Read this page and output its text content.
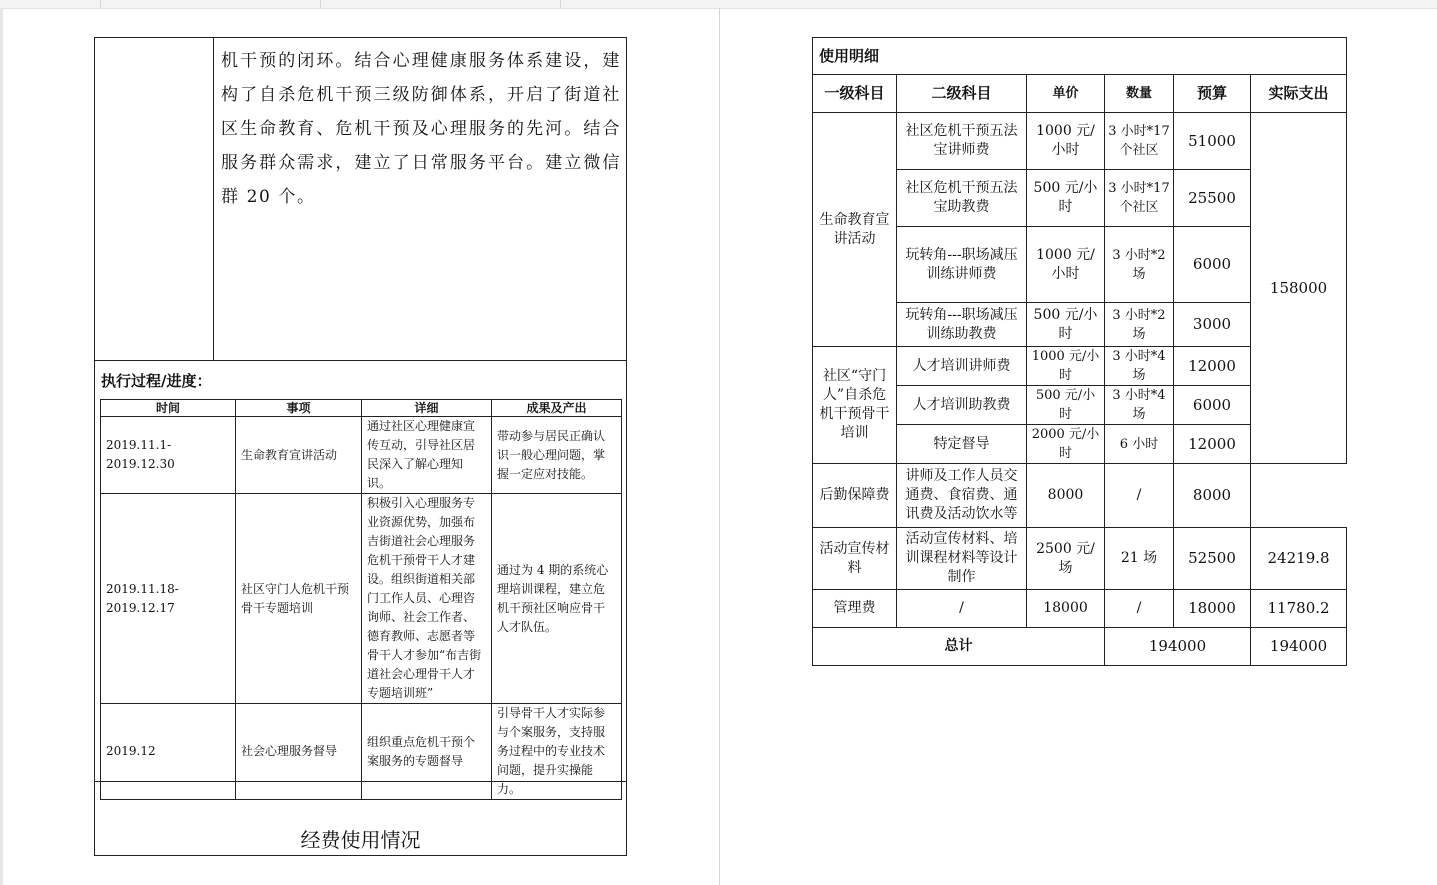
机干预的闭环。结合心理健康服务体系建设，建构了自杀危机干预三级防御体系，开启了街道社区生命教育、危机干预及心理服务的先河。结合服务群众需求，建立了日常服务平台。建立微信群 20 个。
执行过程/进度：
时间	事项	详细	成果及产出
2019.11.1-2019.12.30	生命教育宣讲活动	通过社区心理健康宣传互动，引导社区居民深入了解心理知识。	带动参与居民正确认识一般心理问题，掌握一定应对技能。
2019.11.18-2019.12.17	社区守门人危机干预骨干专题培训	积极引入心理服务专业资源优势，加强布吉街道社会心理服务危机干预骨干人才建设。组织街道相关部门工作人员、心理咨询师、社会工作者、德育教师、志愿者等骨干人才参加“布吉街道社会心理骨干人才专题培训班”	通过为 4 期的系统心理培训课程，建立危机干预社区响应骨干人才队伍。
2019.12	社会心理服务督导	组织重点危机干预个案服务的专题督导	引导骨干人才实际参与个案服务，支持服务过程中的专业技术问题，提升实操能力。
经费使用情况
使用明细					
一级科目	二级科目	单价	数量	预算	实际支出
生命教育宣讲活动	社区危机干预五法宝讲师费	1000 元/小时	3 小时*17 个社区	51000	158000
	社区危机干预五法宝助教费	500 元/小时	3 小时*17 个社区	25500	
	玩转角---职场减压训练讲师费	1000 元/小时	3 小时*2 场	6000	
	玩转角---职场减压训练助教费	500 元/小时	3 小时*2 场	3000	
社区“守门人”自杀危机干预骨干培训	人才培训讲师费	1000 元/小时	3 小时*4 场	12000	
	人才培训助教费	500 元/小时	3 小时*4 场	6000	
	特定督导	2000 元/小时	6 小时	12000	
后勤保障费	讲师及工作人员交通费、食宿费、通讯费及活动饮水等	8000	/	8000	
活动宣传材料	活动宣传材料、培训课程材料等设计制作	2500 元/场	21 场	52500	24219.8
管理费	/	18000	/	18000	11780.2
总计			194000		194000
